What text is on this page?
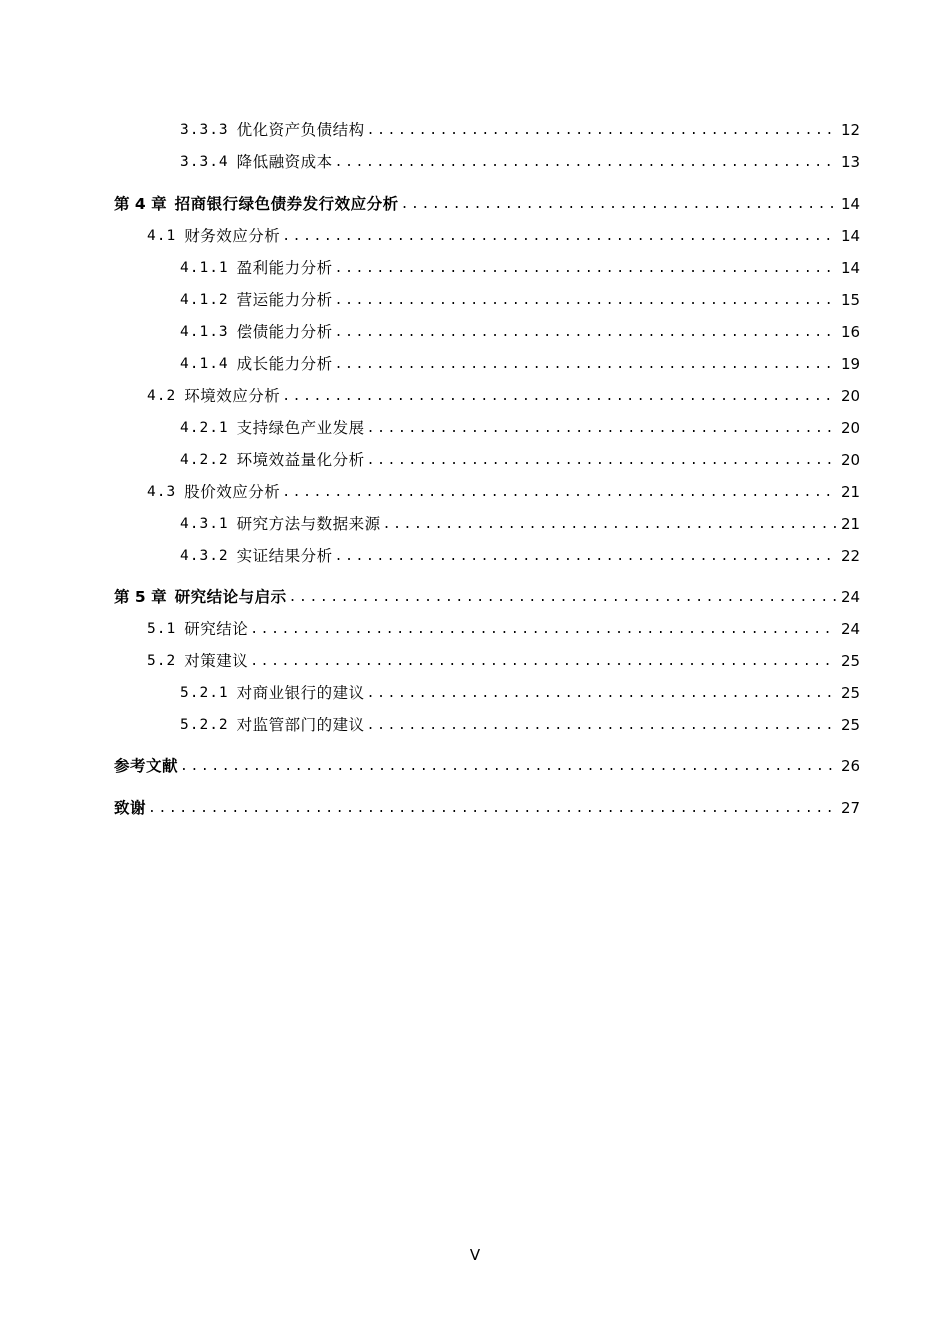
3.3.3 优化资产负债结构 .....	12
3.3.4 降低融资成本 .....	13
第 4 章 招商银行绿色债券发行效应分析 .....	14
4.1 财务效应分析 .....	14
4.1.1 盈利能力分析 .....	14
4.1.2 营运能力分析 .....	15
4.1.3 偿债能力分析 .....	16
4.1.4 成长能力分析 .....	19
4.2 环境效应分析 .....	20
4.2.1 支持绿色产业发展 .....	20
4.2.2 环境效益量化分析 .....	20
4.3 股价效应分析 .....	21
4.3.1 研究方法与数据来源 .....	21
4.3.2 实证结果分析 .....	22
第 5 章 研究结论与启示 .....	24
5.1 研究结论 .....	24
5.2 对策建议 .....	25
5.2.1 对商业银行的建议 .....	25
5.2.2 对监管部门的建议 .....	25
参考文献 .....	26
致谢 .....	27
V
